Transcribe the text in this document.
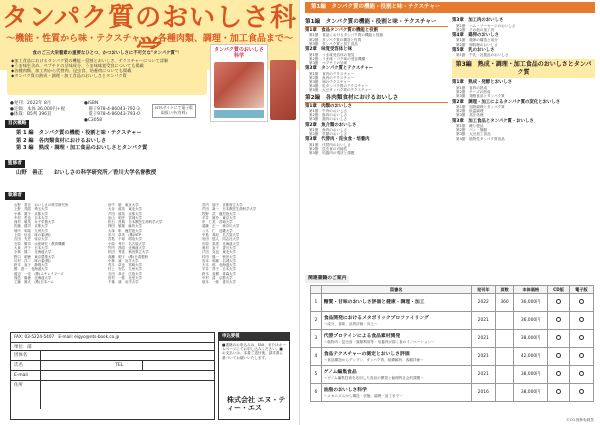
タンパク質のおいしさ科
～機能・性質から味・テクスチャー、各種肉類、調理・加工食品まで～
食のご三大栄養素の重要なひとつ、かつおいしさに不可欠な"タンパク質"！
◆加工食品におけるタンパク質の機能・役割とおいしさ、テクスチャーについて詳解
◆うま味を含め、ペプチドの呈味成分、うま味味覚受容についても掲載
◆各種肉類、加工肉から代替肉、昆虫食、培養肉についても掲載
◆タンパク質の熱成・調理・加工食品のおいしさとタンパク質
タンパク質のおいしさ科学
●発刊：2022年 8月
●定価：本体 36,000円+税
●体裁：B5判 396頁
●ISBN
　冊子978-4-86043-792-3
　電子978-4-86043-793-0
●C3058
NTSサイトにて電子版取扱い中(有料)
目次概略
第 1 編　タンパク質の機能・役割と味・テクスチャー
第 2 編　各肉類食材におけるおいしさ
第 3 編　熟成・調理・加工食品のおいしさとタンパク質
監修者
山野　善正　　おいしさの科学研究所／香川大学名誉教授
執筆者
山野　善正　おいしさの科学研究所
上野　茂昭　埼玉大学
小林　慶子　京都大学
中村　哲也　日本大学
西村　敏英　女子栄養大学
佐藤　健司　京都大学
畑中　和哉　九州大学
上原　信也　味の素(株)
吉田　充史　帝京大学
石原　賢司　水産研究・教育機構
大泉　淳子　日本大学
小林　健二　北海道大学
野口　明徳　東京農業大学
川村　洋二　味の素(株)
鈴木　直子　静岡大学
國　香一　北海道大学
渡辺　一光　(株)ニチレイフーズ
西邑　隆徳　北海道大学
工藤　雄大　(株)日本ハム
田中　聡　東京大学
大谷　政英　東北大学
芦田　政英　京都大学
岩山　明史　宮城大学
松石　昌典　日本獣医生命科学大学
押田　敏雄　麻布大学
大塚　彰　鹿児島大学
市川　卓実　(株)NTP
宮島　千尋　明治大学
小原　秀行　名古屋大学
竹内　昌昭　北海道大学
松田　秀喜　秋田県立大学
高瀬　明子　(株)日清製粉
小林　誠　岩手大学
茂木　卓也　宮崎大学
村上　安弘　九州大学
石田　恭正　広島大学
田村　一郎　北里大学
千葉　誠　岩手大学
宮内　朋子　京都府立大学
芦田　新一　日本獣医生命科学大学
牧野　武　鹿児島大学
平井　雄介　東京大学
岸　仁美　宮崎大学
遠藤　正一　神奈川大学
八木　仁　近畿大学
中島　真紀　名古屋大学
岩田　悠人　同志社大学
市原　真美　北海道大学
奥村　直子　香川大学
戸田　克也　東北大学
村田　健一　秋田大学
岩本　和雄　名城大学
大木　郁　北海道大学
平井　啓子　日本大学
鈴木　直樹　青森大学
中村　清　京都大学
坂本　一郎　香川大学
FAX: 03-5224-5407　E-mail: eigyo@nts-book.co.jp
単位：部
団体名
氏名	TEL
E-mail
住所
申込要領
■書籍のお申込みは、FAX、またはホームページにてお申し込みください。■お支払いは、本書ご送付後、請求書に基づいてお願いいたします。
株式会社 エヌ・ティー・エス
第1編　タンパク質の機能・役割と味・テクスチャー
第1編　タンパク質の機能・役割と味・テクスチャー
第1章　食品タンパク質の機能と役割
第1節　食品におけるタンパク質の機能と役割
第2節　タンパク質の構造と性質
第3節　タンパク質と加工食品
第2章　味覚受容体と味
第1節　うま味受容体の発見
第2節　うま味・コク味の受容機構
第3節　ペプチドの呈味
第3章　タンパク質とテクスチャー
第1節　食肉のテクスチャー
第2節　魚肉のテクスチャー
第3節　卵のテクスチャー
第4節　乳タンパク質のテクスチャー
第5節　大豆タンパク質のテクスチャー
第2編　各肉類食材におけるおいしさ
第1章　肉類のおいしさ
第1節　牛肉のおいしさ
第2節　豚肉のおいしさ
第3節　鶏肉のおいしさ
第2章　魚介類のおいしさ
第1節　魚肉のおいしさ
第2節　貝類のおいしさ
第3章　代替肉・昆虫食・培養肉
第1節　代替肉のおいしさ
第2節　昆虫食の可能性
第3節　培養肉の現状と課題
第3章　加工肉のおいしさ
第1節　ハム・ソーセージのおいしさ
第2節　その他の加工肉
第4章　鶏卵のおいしさ
第1節　鶏卵の構造と成分
第2節　卵料理のおいしさ
第5章　乳のおいしさ
第1節　牛乳・乳製品のおいしさ
第3編　熟成・調理・加工食品のおいしさとタンパク質
第1章　熟成・発酵とおいしさ
第1節　食肉の熟成
第2節　チーズの熟成
第3節　発酵食品とタンパク質
第2章　調理・加工によるタンパク質の変化とおいしさ
第1節　加熱調理とタンパク質
第2節　低温調理
第3節　高圧処理
第3章　加工食品とタンパク質・おいしさ
第1節　練り製品
第2節　パン・麺類
第3節　大豆加工食品
第4節　植物性タンパク質食品
関連書籍のご案内
	図書名	発刊年	頁数	本体価格	CD版	電子版
1	糖質・甘味のおいしさ評価と健康・調理・加工	2022	360	36,000円		
2	食品開発におけるメタボリックプロファイリング
～成分、食味、品質評価・向上～	2021		36,000円		
3	代替プロテインによる食品素材開発
～植物肉・昆虫食・藻類利用等・培養肉が描く食のイノベーション～	2021		38,000円		
4	食品テクスチャーの測定とおいしさ評価
～食品構造からデンプン、タンパク質、咀嚼解析、客観評価～	2021		42,000円		
5	ゲノム編集食品
～ゲノム編集技術を応用した食品の開発と倫理的社会的課題～	2021		38,000円		
6	油脂のおいしさ科学
～メカニズムから構造・状態、調理・加工まで～	2016		38,000円		
©CO.無断転載禁
